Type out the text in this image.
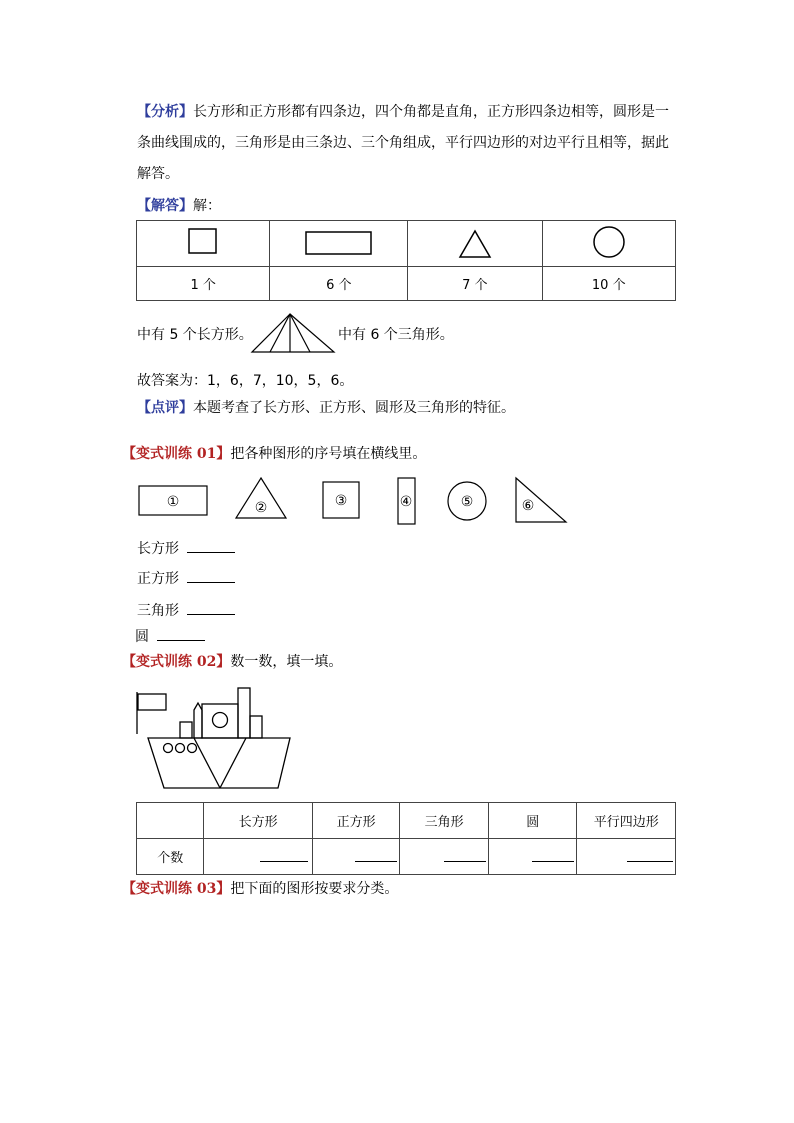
【分析】长方形和正方形都有四条边，四个角都是直角，正方形四条边相等，圆形是一
条曲线围成的，三角形是由三条边、三个角组成，平行四边形的对边平行且相等，据此
解答。
【解答】解：

1 个	6 个	7 个	10 个
中有 5 个长方形。	中有 6 个三角形。
故答案为：1，6，7，10，5，6。
【点评】本题考查了长方形、正方形、圆形及三角形的特征。
【变式训练 01】把各种图形的序号填在横线里。
①	②	③	④	⑤	⑥
长方形
正方形
三角形
圆
【变式训练 02】数一数，填一填。
	长方形	正方形	三角形	圆	平行四边形
个数					
【变式训练 03】把下面的图形按要求分类。
